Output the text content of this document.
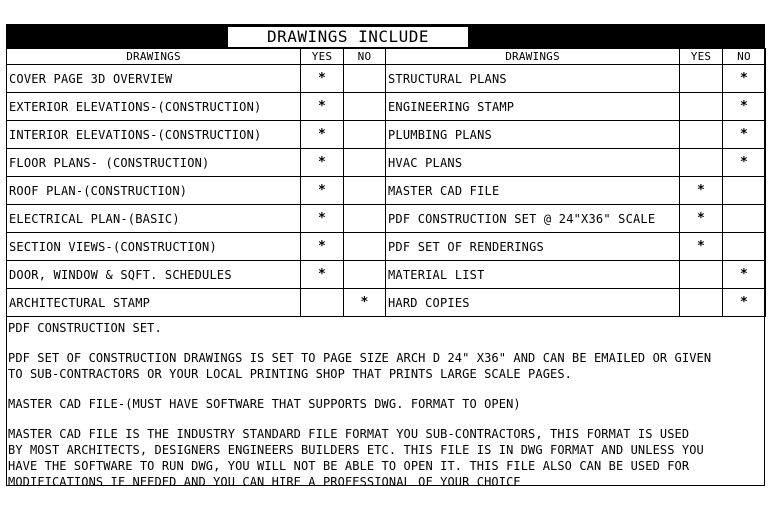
DRAWINGS INCLUDE
DRAWINGS	YES	NO	DRAWINGS	YES	NO
COVER PAGE 3D OVERVIEW	*		STRUCTURAL PLANS		*
EXTERIOR ELEVATIONS-(CONSTRUCTION)	*		ENGINEERING STAMP		*
INTERIOR ELEVATIONS-(CONSTRUCTION)	*		PLUMBING PLANS		*
FLOOR PLANS- (CONSTRUCTION)	*		HVAC PLANS		*
ROOF PLAN-(CONSTRUCTION)	*		MASTER CAD FILE	*	
ELECTRICAL PLAN-(BASIC)	*		PDF CONSTRUCTION SET @ 24"X36" SCALE	*	
SECTION VIEWS-(CONSTRUCTION)	*		PDF SET OF RENDERINGS	*	
DOOR, WINDOW & SQFT. SCHEDULES	*		MATERIAL LIST		*
ARCHITECTURAL STAMP		*	HARD COPIES		*

PDF CONSTRUCTION SET.

PDF SET OF CONSTRUCTION DRAWINGS IS SET TO PAGE SIZE ARCH D 24" X36" AND CAN BE EMAILED OR GIVEN

TO SUB-CONTRACTORS OR YOUR LOCAL PRINTING SHOP THAT PRINTS LARGE SCALE PAGES.

MASTER CAD FILE-(MUST HAVE SOFTWARE THAT SUPPORTS DWG. FORMAT TO OPEN)

MASTER CAD FILE IS THE INDUSTRY STANDARD FILE FORMAT YOU SUB-CONTRACTORS, THIS FORMAT IS USED

BY MOST ARCHITECTS, DESIGNERS ENGINEERS BUILDERS ETC. THIS FILE IS IN DWG FORMAT AND UNLESS YOU

HAVE THE SOFTWARE TO RUN DWG, YOU WILL NOT BE ABLE TO OPEN IT. THIS FILE ALSO CAN BE USED FOR

MODIFICATIONS IF NEEDED AND YOU CAN HIRE A PROFESSIONAL OF YOUR CHOICE
